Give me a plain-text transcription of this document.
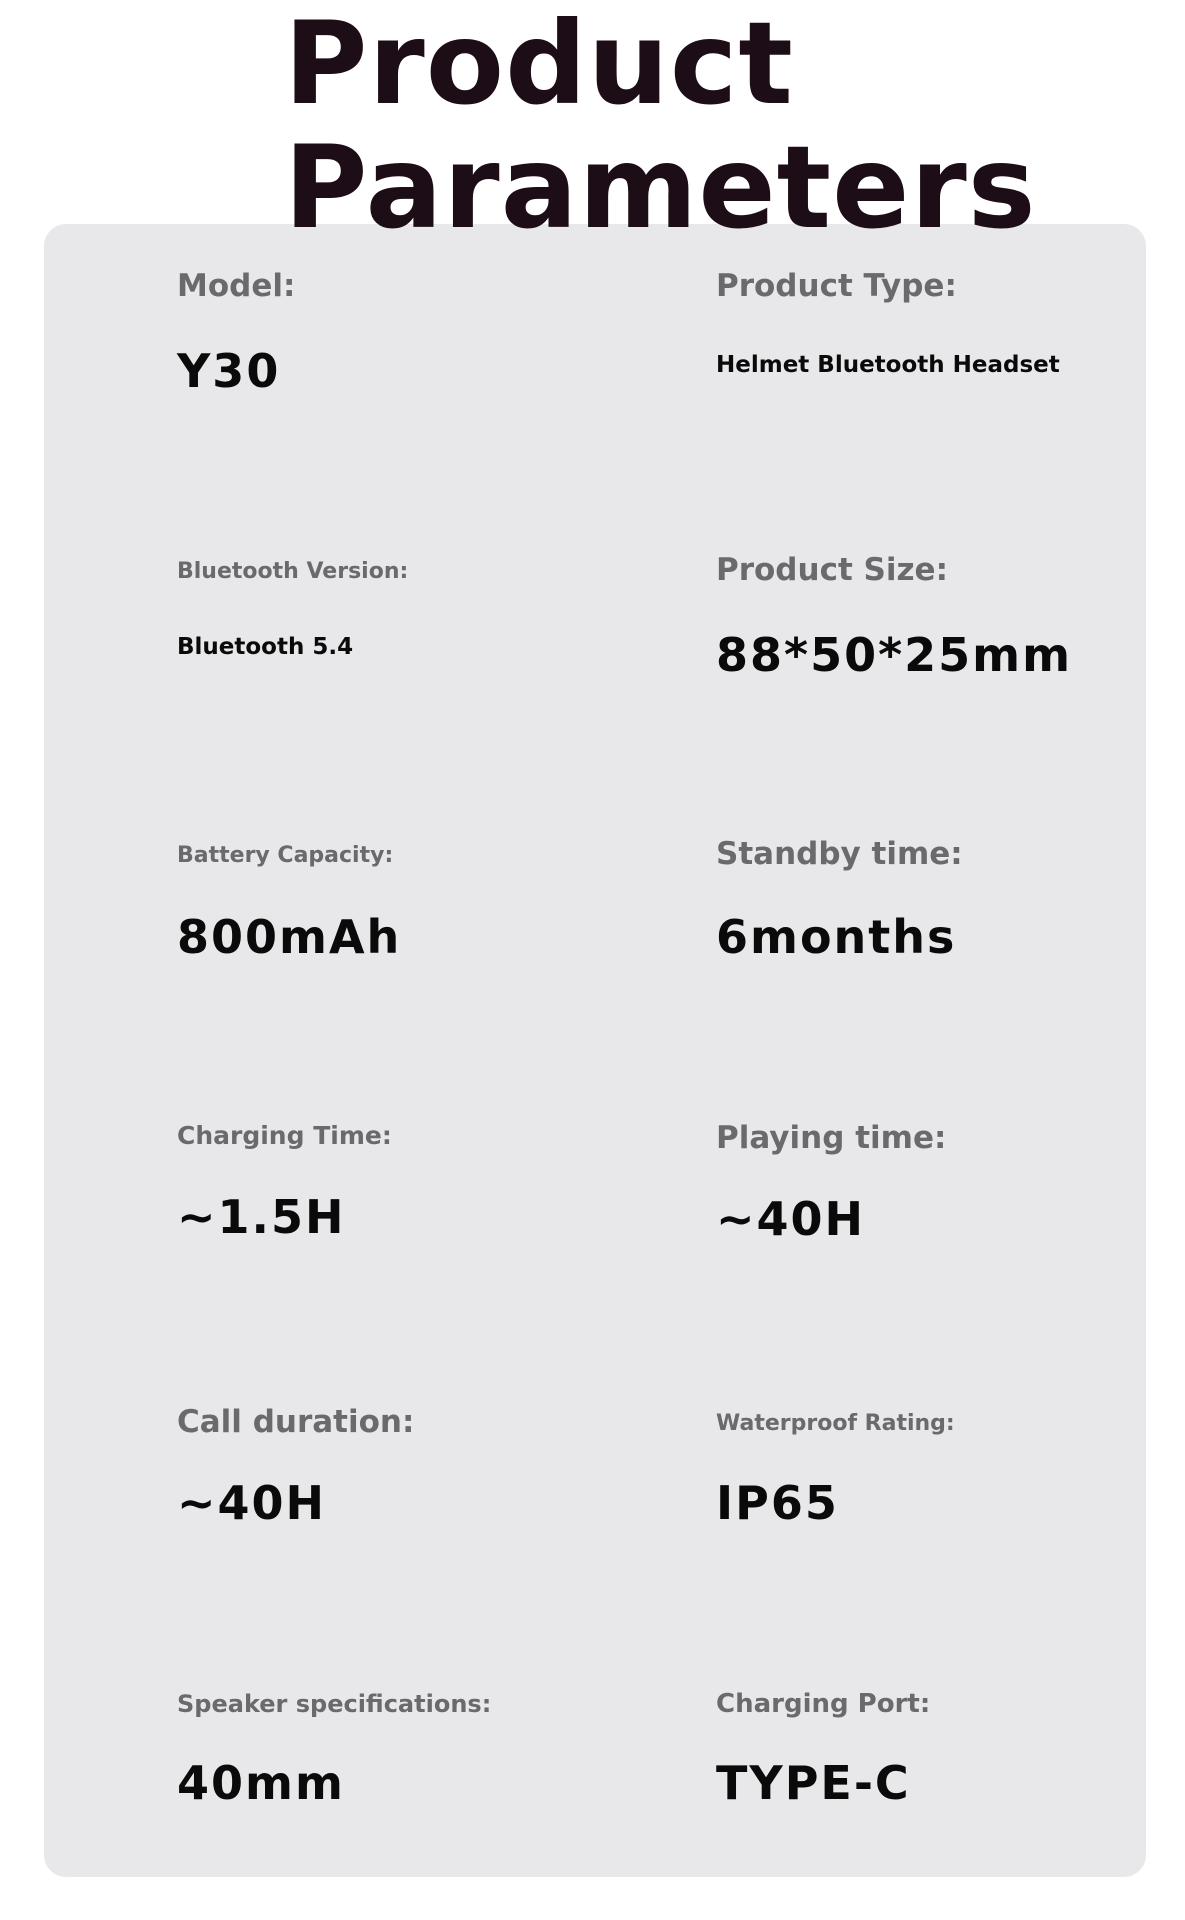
Product
Parameters
Model:
Y30
Product Type:
Helmet Bluetooth Headset
Bluetooth Version:
Bluetooth 5.4
Product Size:
88*50*25mm
Battery Capacity:
800mAh
Standby time:
6months
Charging Time:
~1.5H
Playing time:
~40H
Call duration:
~40H
Waterproof Rating:
IP65
Speaker specifications:
40mm
Charging Port:
TYPE-C
